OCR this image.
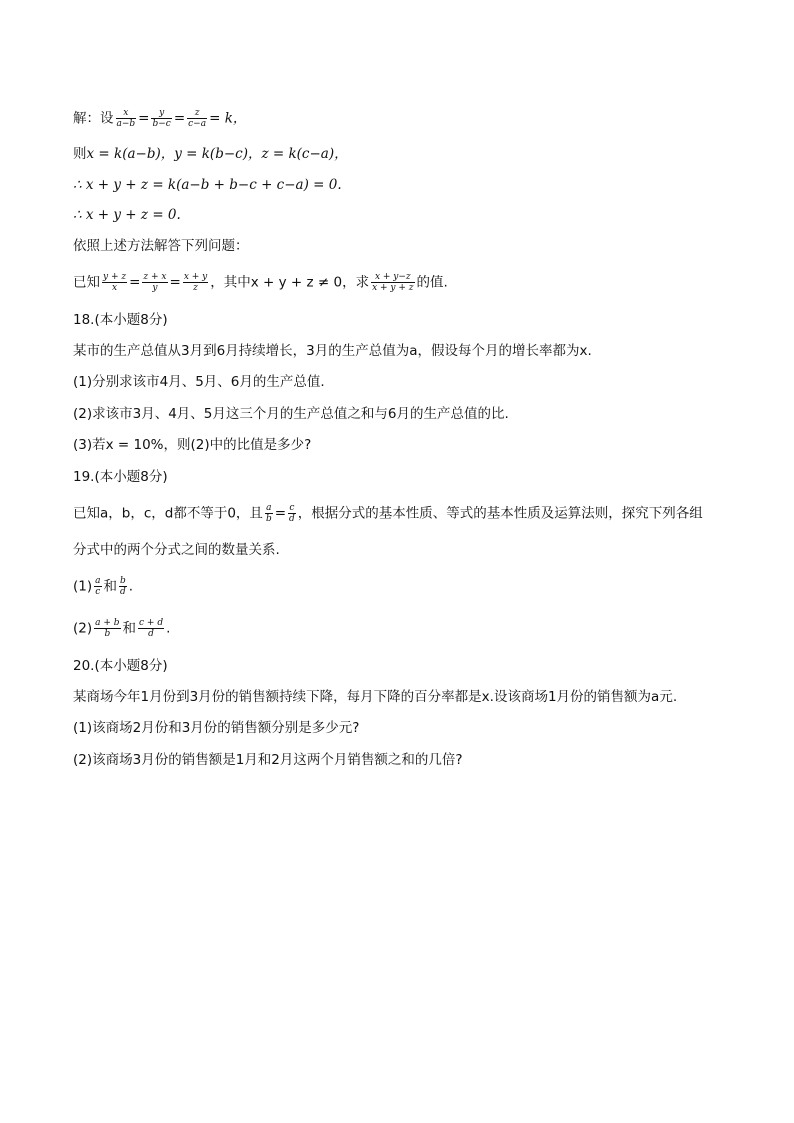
解：设 $\frac{x}{a-b} = \frac{y}{b-c} = \frac{z}{c-a} = k$，
则x = k(a−b)，y = k(b−c)，z = k(c−a)，
∴ x + y + z = k(a−b + b−c + c−a) = 0.
∴ x + y + z = 0.
依照上述方法解答下列问题：
已知 $\frac{y + z}{x} = \frac{z + x}{y} = \frac{x + y}{z}$ ，其中x + y + z ≠ 0，求 $\frac{x + y-z}{x + y + z}$ 的值.
18.(本小题8分)
某市的生产总值从3月到6月持续增长，3月的生产总值为a，假设每个月的增长率都为x.
(1)分别求该市4月、5月、6月的生产总值.
(2)求该市3月、4月、5月这三个月的生产总值之和与6月的生产总值的比.
(3)若x = 10%，则(2)中的比值是多少?
19.(本小题8分)
已知a，b，c，d都不等于0，且 $\frac{a}{b} = \frac{c}{d}$ ，根据分式的基本性质、等式的基本性质及运算法则，探究下列各组
分式中的两个分式之间的数量关系.
$(1) \frac{a}{c}$ 和 $\frac{b}{d}$ .
$(2) \frac{a + b}{b}$ 和 $\frac{c + d}{d}$ .
20.(本小题8分)
某商场今年1月份到3月份的销售额持续下降，每月下降的百分率都是x.设该商场1月份的销售额为a元.
(1)该商场2月份和3月份的销售额分别是多少元?
(2)该商场3月份的销售额是1月和2月这两个月销售额之和的几倍?
